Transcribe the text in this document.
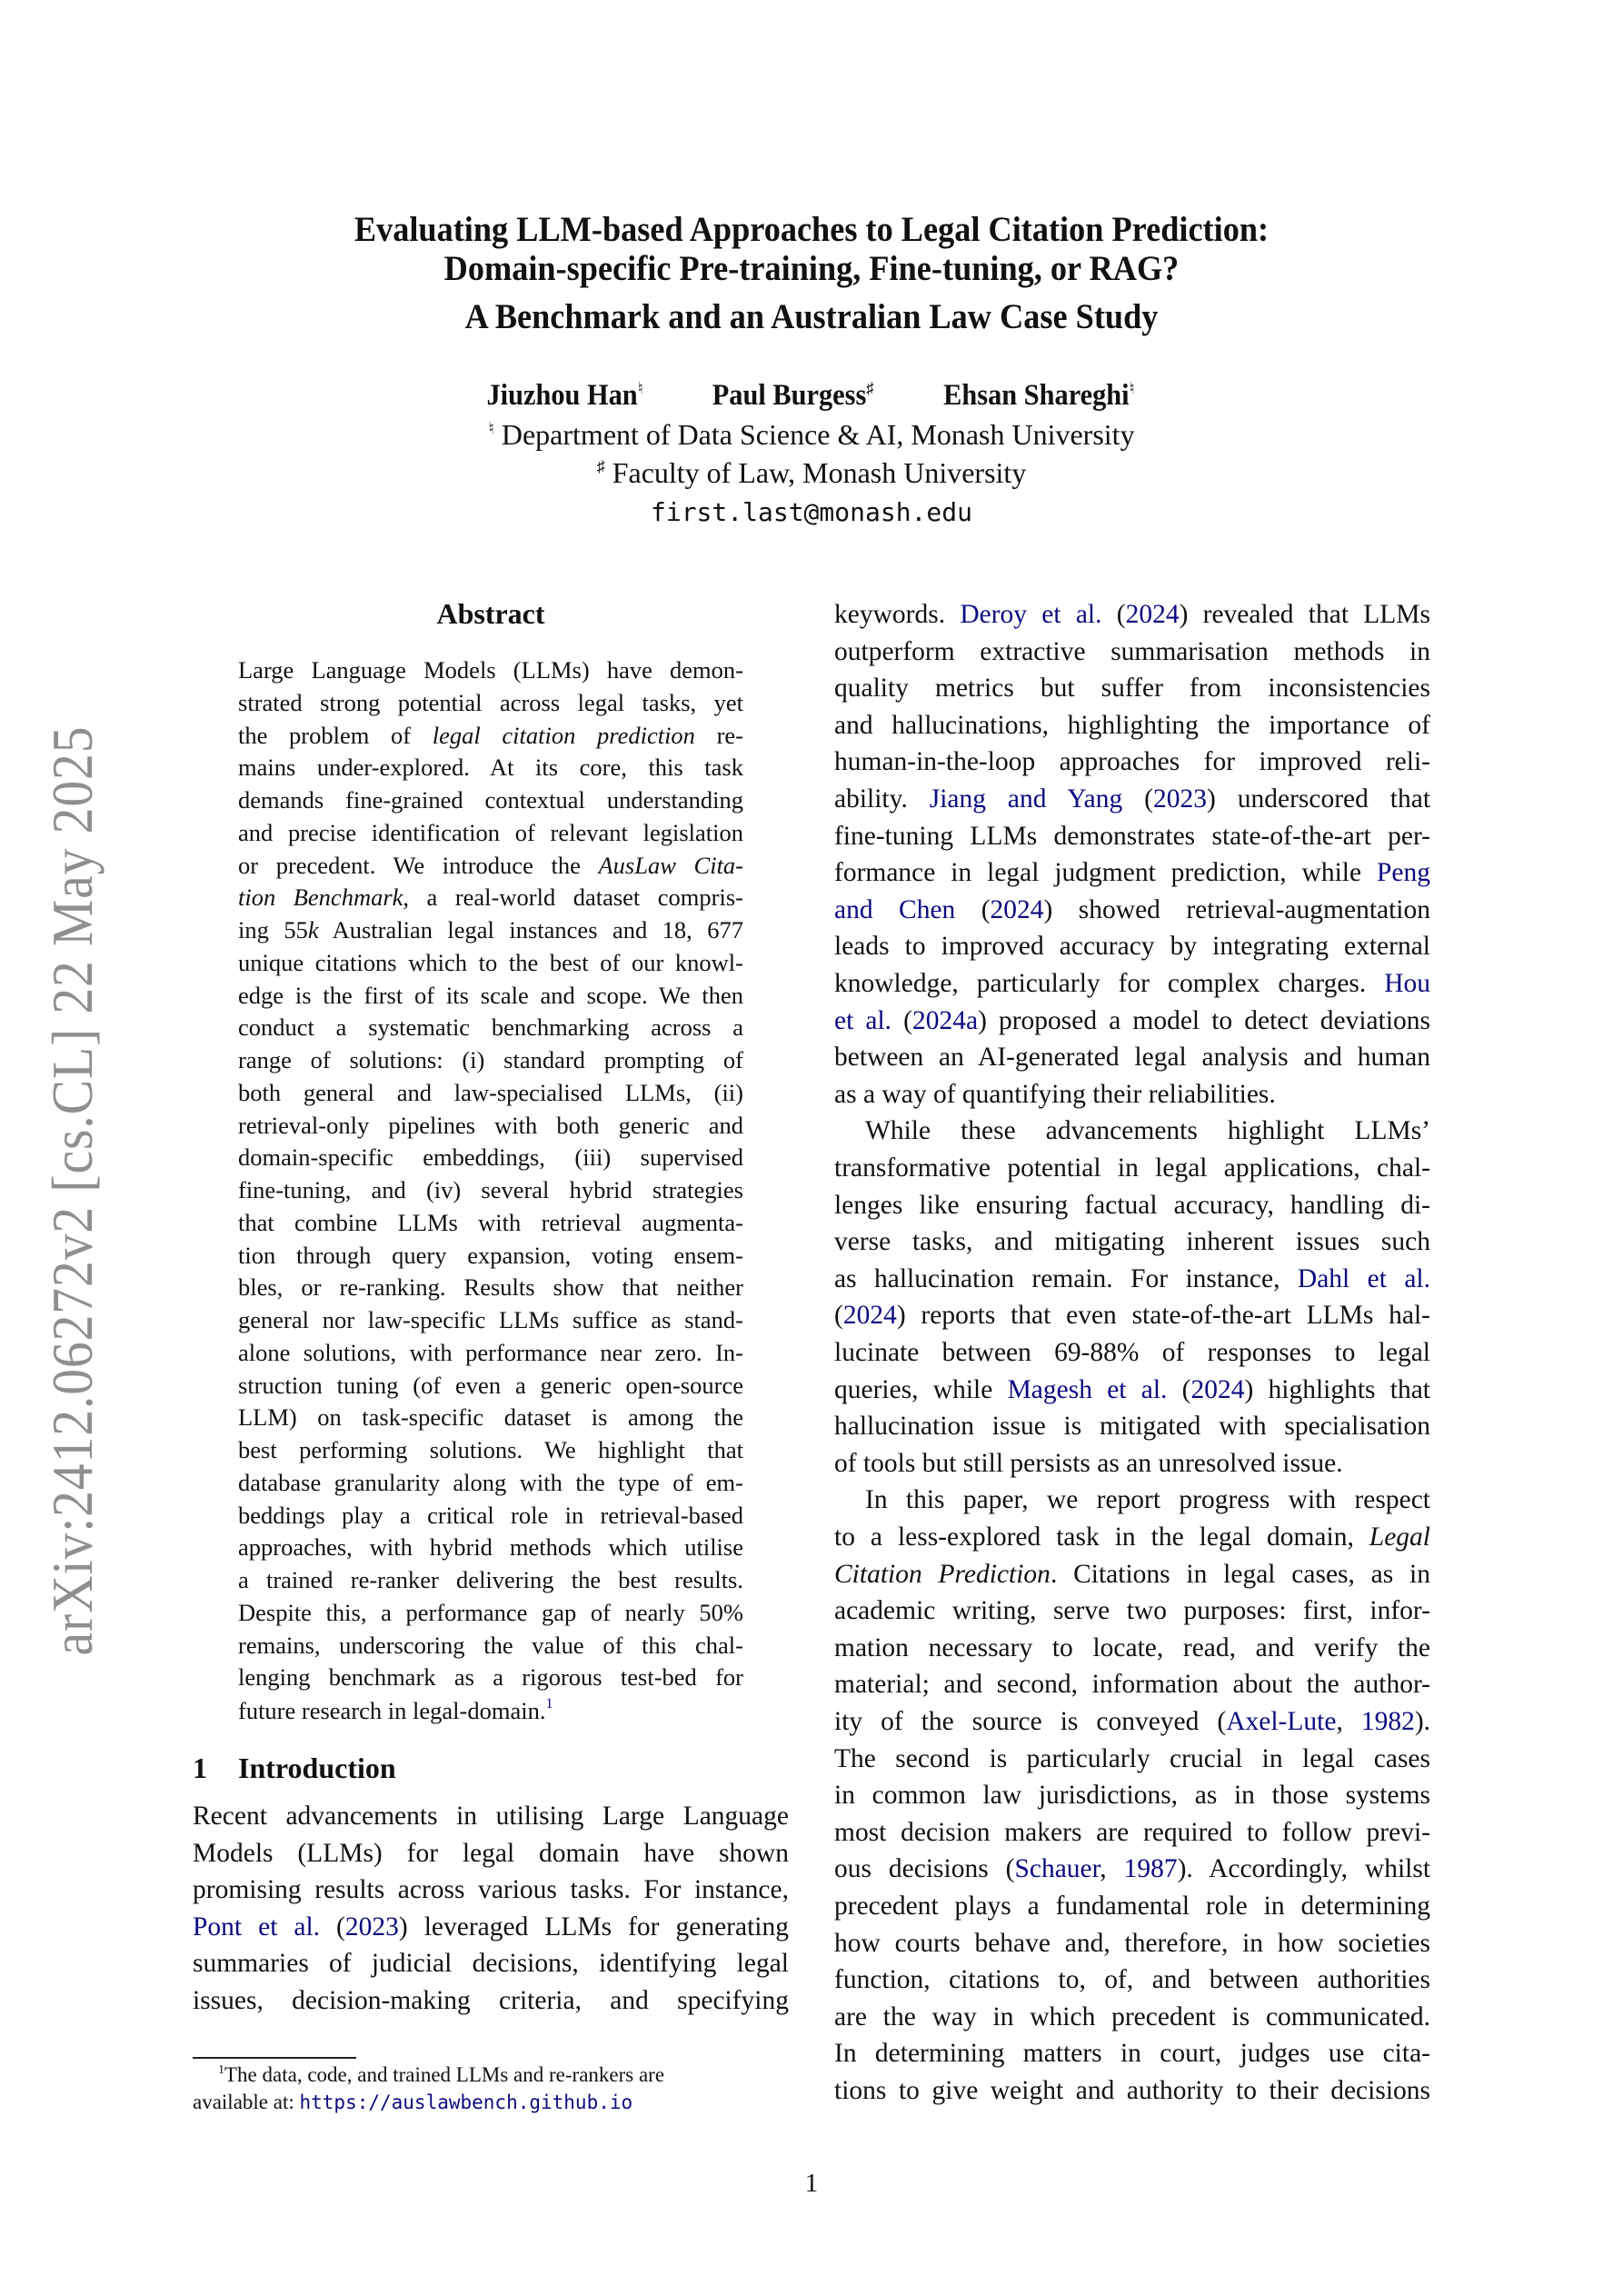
arXiv:2412.06272v2 [cs.CL] 22 May 2025
Evaluating LLM-based Approaches to Legal Citation Prediction:
Domain-specific Pre-training, Fine-tuning, or RAG?
A Benchmark and an Australian Law Case Study
Jiuzhou Han♮ Paul Burgess♯ Ehsan Shareghi♮
♮ Department of Data Science & AI, Monash University
♯ Faculty of Law, Monash University
first.last@monash.edu
Abstract
Large Language Models (LLMs) have demon-
strated strong potential across legal tasks, yet
the problem of legal citation prediction re-
mains under-explored. At its core, this task
demands fine-grained contextual understanding
and precise identification of relevant legislation
or precedent. We introduce the AusLaw Cita-
tion Benchmark, a real-world dataset compris-
ing 55k Australian legal instances and 18, 677
unique citations which to the best of our knowl-
edge is the first of its scale and scope. We then
conduct a systematic benchmarking across a
range of solutions: (i) standard prompting of
both general and law-specialised LLMs, (ii)
retrieval-only pipelines with both generic and
domain-specific embeddings, (iii) supervised
fine-tuning, and (iv) several hybrid strategies
that combine LLMs with retrieval augmenta-
tion through query expansion, voting ensem-
bles, or re-ranking. Results show that neither
general nor law-specific LLMs suffice as stand-
alone solutions, with performance near zero. In-
struction tuning (of even a generic open-source
LLM) on task-specific dataset is among the
best performing solutions. We highlight that
database granularity along with the type of em-
beddings play a critical role in retrieval-based
approaches, with hybrid methods which utilise
a trained re-ranker delivering the best results.
Despite this, a performance gap of nearly 50%
remains, underscoring the value of this chal-
lenging benchmark as a rigorous test-bed for
future research in legal-domain.$^1$
1 Introduction
Recent advancements in utilising Large Language
Models (LLMs) for legal domain have shown
promising results across various tasks. For instance,
Pont et al. (2023) leveraged LLMs for generating
summaries of judicial decisions, identifying legal
issues, decision-making criteria, and specifying
$^1$The data, code, and trained LLMs and re-rankers are
available at: https://auslawbench.github.io
keywords. Deroy et al. (2024) revealed that LLMs
outperform extractive summarisation methods in
quality metrics but suffer from inconsistencies
and hallucinations, highlighting the importance of
human-in-the-loop approaches for improved reli-
ability. Jiang and Yang (2023) underscored that
fine-tuning LLMs demonstrates state-of-the-art per-
formance in legal judgment prediction, while Peng
and Chen (2024) showed retrieval-augmentation
leads to improved accuracy by integrating external
knowledge, particularly for complex charges. Hou
et al. (2024a) proposed a model to detect deviations
between an AI-generated legal analysis and human
as a way of quantifying their reliabilities.
While these advancements highlight LLMs’
transformative potential in legal applications, chal-
lenges like ensuring factual accuracy, handling di-
verse tasks, and mitigating inherent issues such
as hallucination remain. For instance, Dahl et al.
(2024) reports that even state-of-the-art LLMs hal-
lucinate between 69-88% of responses to legal
queries, while Magesh et al. (2024) highlights that
hallucination issue is mitigated with specialisation
of tools but still persists as an unresolved issue.
In this paper, we report progress with respect
to a less-explored task in the legal domain, Legal
Citation Prediction. Citations in legal cases, as in
academic writing, serve two purposes: first, infor-
mation necessary to locate, read, and verify the
material; and second, information about the author-
ity of the source is conveyed (Axel-Lute, 1982).
The second is particularly crucial in legal cases
in common law jurisdictions, as in those systems
most decision makers are required to follow previ-
ous decisions (Schauer, 1987). Accordingly, whilst
precedent plays a fundamental role in determining
how courts behave and, therefore, in how societies
function, citations to, of, and between authorities
are the way in which precedent is communicated.
In determining matters in court, judges use cita-
tions to give weight and authority to their decisions
1
